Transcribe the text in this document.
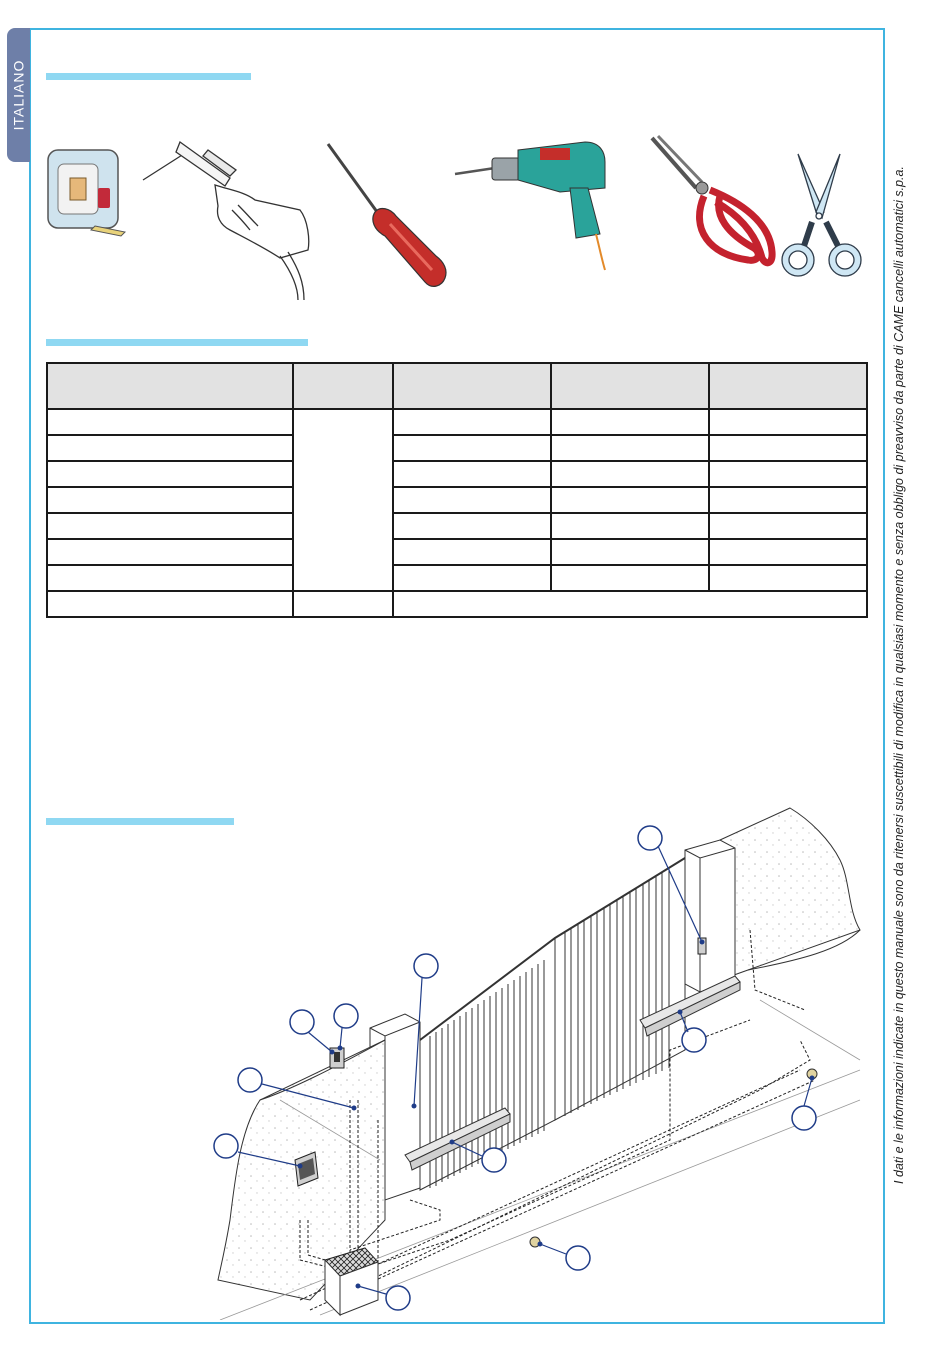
ITALIANO
I dati e le informazioni indicate in questo manuale sono da ritenersi suscettibili di modifica in qualsiasi momento e senza obbligo di preavviso da parte di CAME cancelli automatici s.p.a.
